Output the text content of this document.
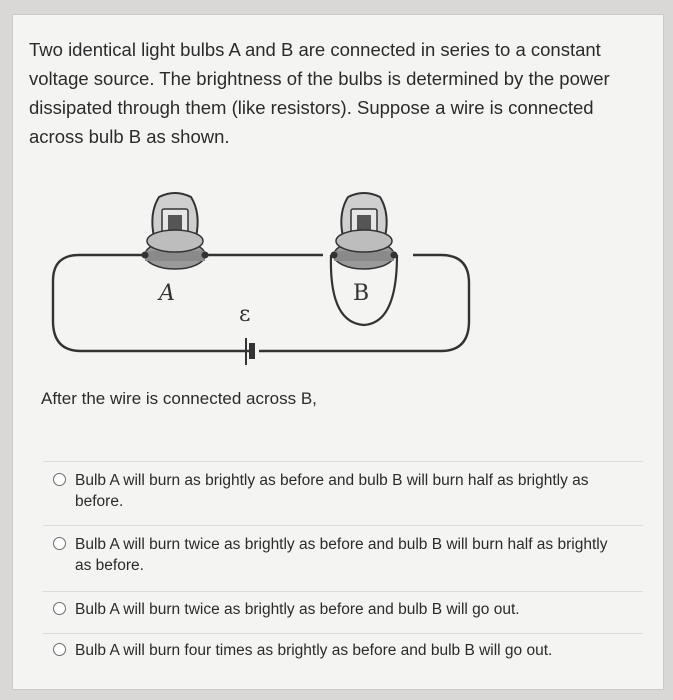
Two identical light bulbs A and B are connected in series to a constant voltage source. The brightness of the bulbs is determined by the power dissipated through them (like resistors). Suppose a wire is connected across bulb B as shown.
ε
A	B
After the wire is connected across B,
Bulb A will burn as brightly as before and bulb B will burn half as brightly as before.
Bulb A will burn twice as brightly as before and bulb B will burn half as brightly as before.
Bulb A will burn twice as brightly as before and bulb B will go out.
Bulb A will burn four times as brightly as before and bulb B will go out.
